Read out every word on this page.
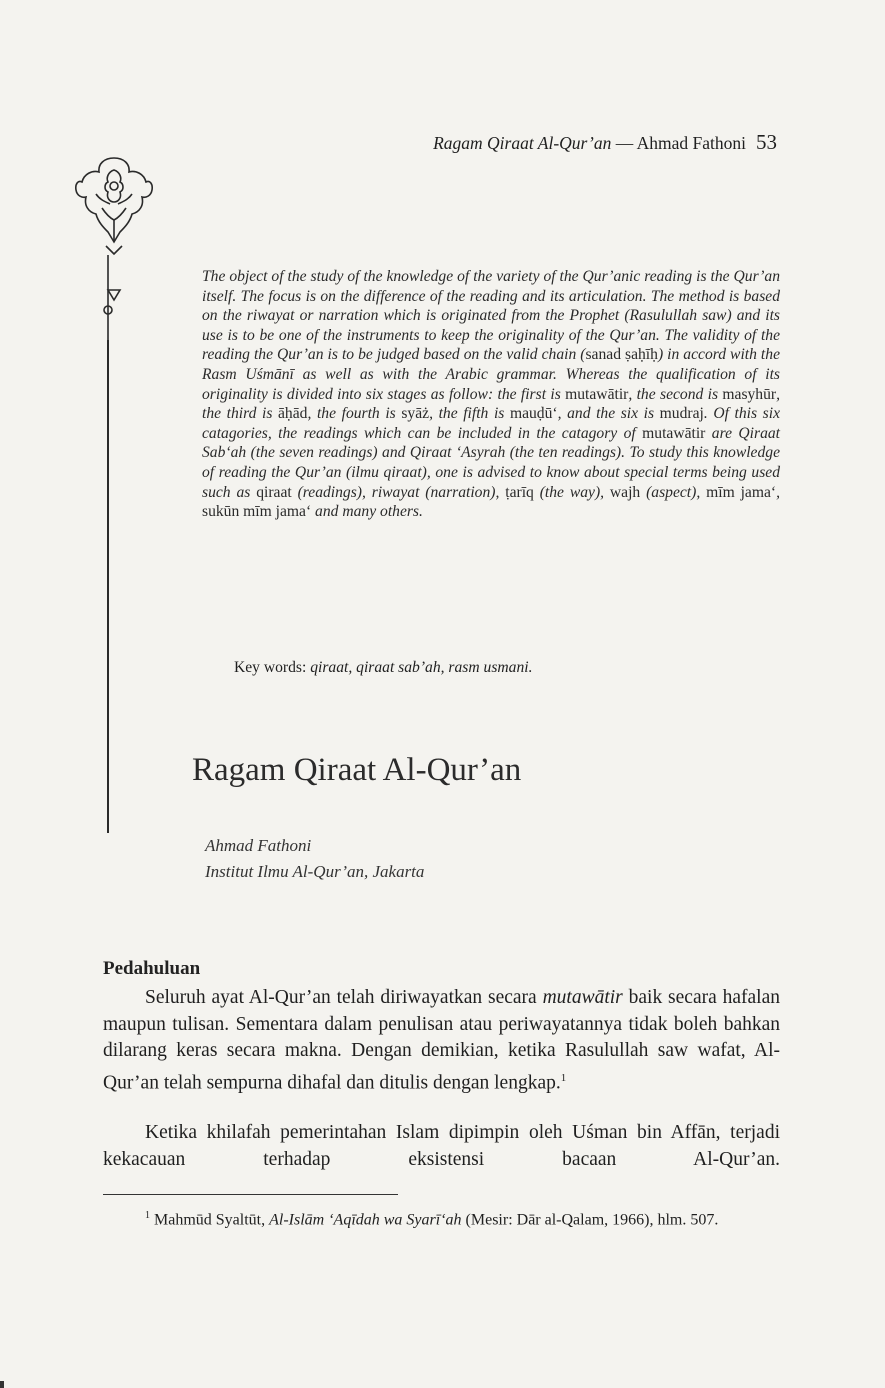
Ragam Qiraat Al-Qur’an — Ahmad Fathoni 53

The object of the study of the knowledge of the variety of the Qur’anic reading is the Qur’an itself. The focus is on the difference of the reading and its articulation. The method is based on the riwayat or narration which is originated from the Prophet (Rasulullah saw) and its use is to be one of the instruments to keep the originality of the Qur’an. The validity of the reading the Qur’an is to be judged based on the valid chain (sanad ṣaḥīḥ) in accord with the Rasm Uśmānī as well as with the Arabic grammar. Whereas the qualification of its originality is divided into six stages as follow: the first is mutawātir, the second is masyhūr, the third is āḥād, the fourth is syāż, the fifth is mauḍū‘, and the six is mudraj. Of this six catagories, the readings which can be included in the catagory of mutawātir are Qiraat Sab‘ah (the seven readings) and Qiraat ‘Asyrah (the ten readings). To study this knowledge of reading the Qur’an (ilmu qiraat), one is advised to know about special terms being used such as qiraat (readings), riwayat (narration), ṭarīq (the way), wajh (aspect), mīm jama‘, sukūn mīm jama‘ and many others.

Key words: qiraat, qiraat sab’ah, rasm usmani.
Ragam Qiraat Al-Qur’an
Ahmad Fathoni
Institut Ilmu Al-Qur’an, Jakarta
Pedahuluan

Seluruh ayat Al-Qur’an telah diriwayatkan secara mutawātir baik secara hafalan maupun tulisan. Sementara dalam penulisan atau periwayatannya tidak boleh bahkan dilarang keras secara makna. Dengan demikian, ketika Rasulullah saw wafat, Al-Qur’an telah sempurna dihafal dan ditulis dengan lengkap.$^1$

Ketika khilafah pemerintahan Islam dipimpin oleh Uśman bin Affān, terjadi kekacauan terhadap eksistensi bacaan Al-Qur’an.

$^1$ Mahmūd Syaltūt, Al-Islām ‘Aqīdah wa Syarī‘ah (Mesir: Dār al-Qalam, 1966), hlm. 507.
